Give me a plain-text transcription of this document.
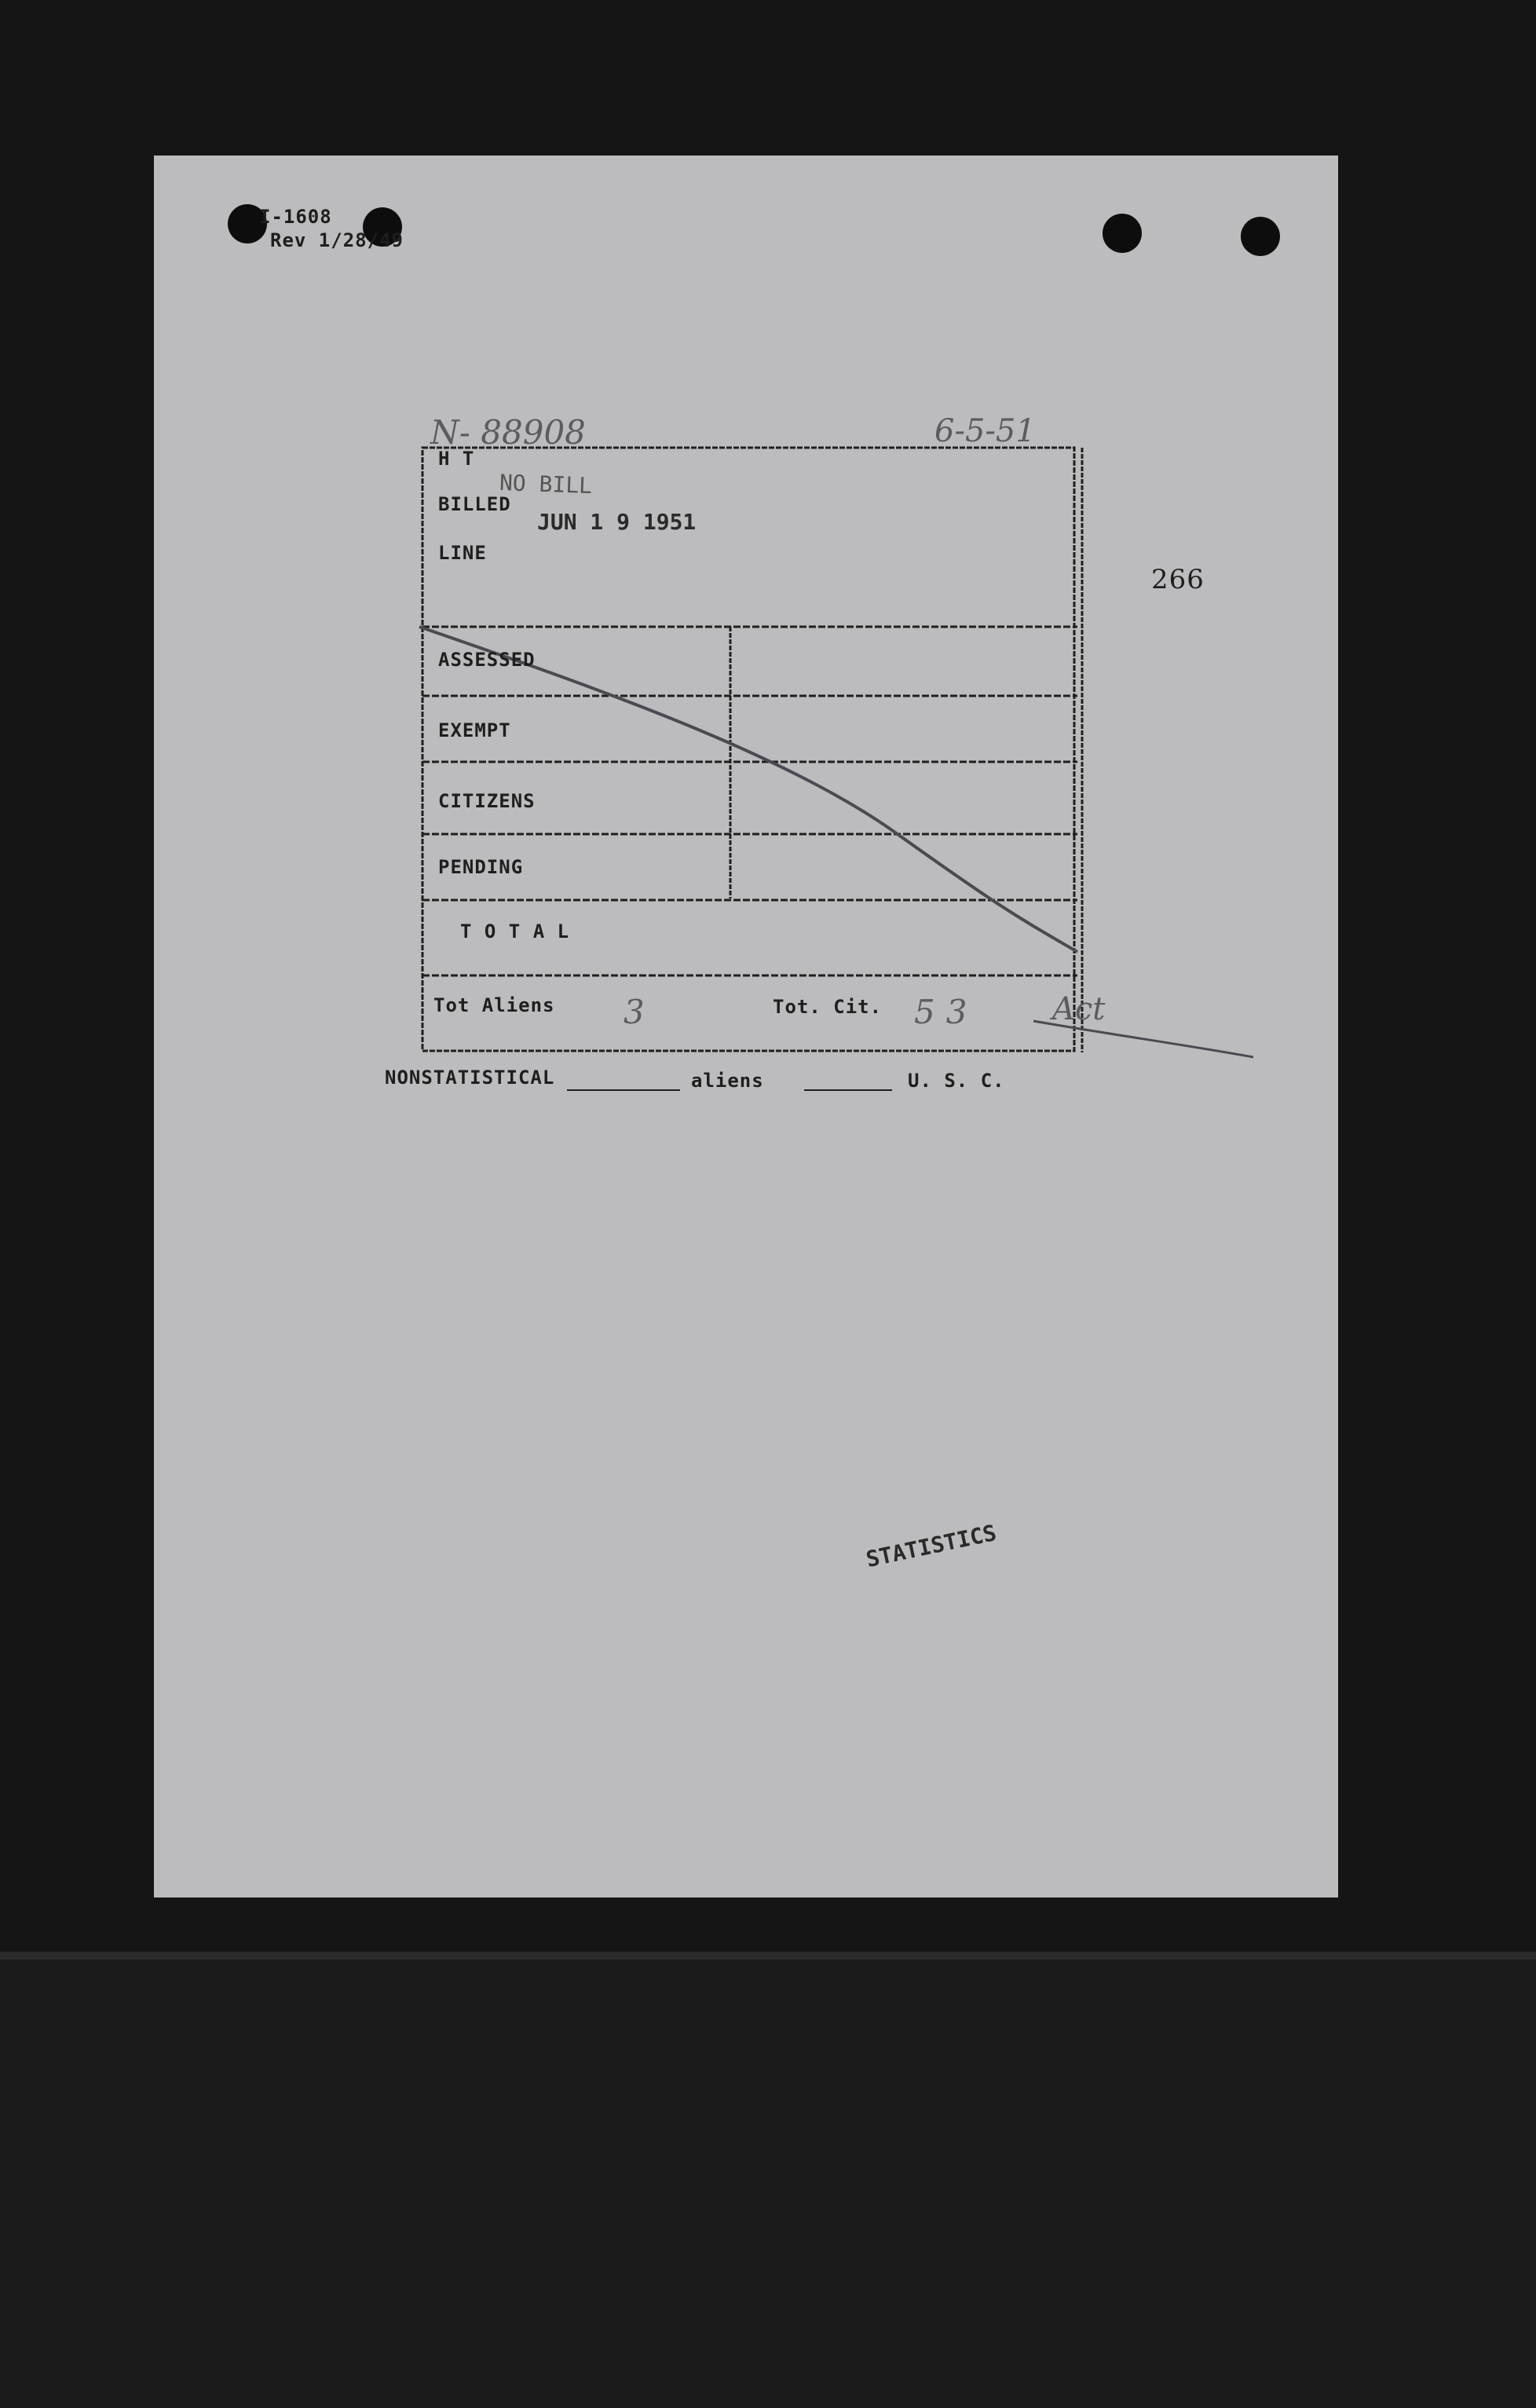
I-1608
Rev 1/28/49
N- 88908	6-5-51
266
H T
BILLED
LINE
NO BILL
JUN 1 9 1951
ASSESSED
EXEMPT
CITIZENS
PENDING
T O T A L
Tot Aliens 3	Tot. Cit. 53 Act
NONSTATISTICAL	aliens	U. S. C.
STATISTICS
